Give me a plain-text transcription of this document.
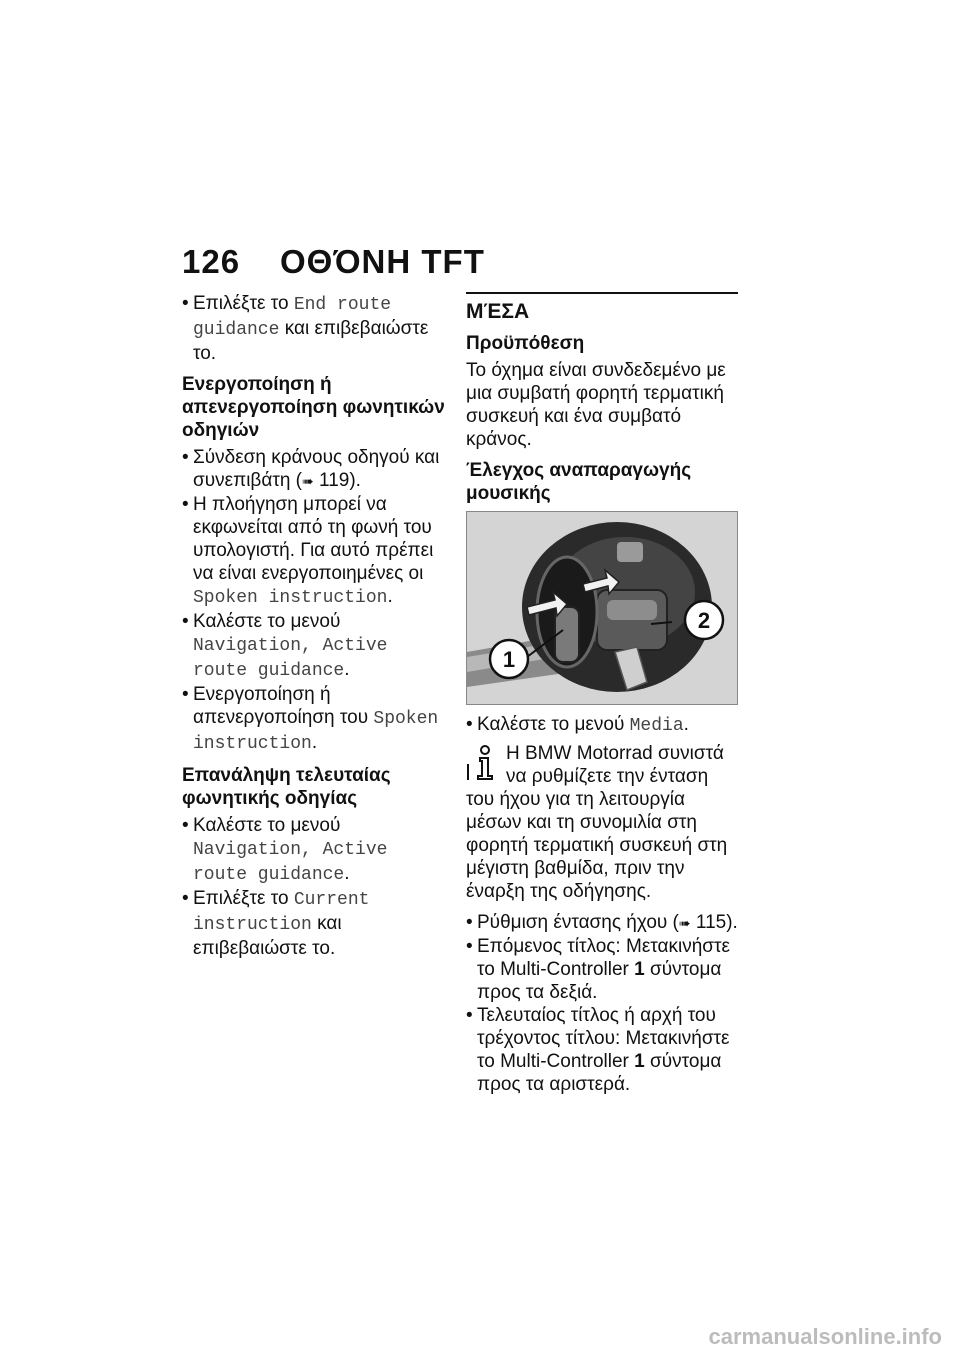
126 ΟΘΌΝΗ TFT
• Επιλέξτε το End route guidance και επιβεβαιώστε το.
Ενεργοποίηση ή απενεργοποίηση φωνητικών οδηγιών
• Σύνδεση κράνους οδηγού και συνεπιβάτη (➠ 119).
• Η πλοήγηση μπορεί να εκφωνείται από τη φωνή του υπολογιστή. Για αυτό πρέπει να είναι ενεργοποιημένες οι Spoken instruction.
• Καλέστε το μενού Navigation, Active route guidance.
• Ενεργοποίηση ή απενεργοποίηση του Spoken instruction.
Επανάληψη τελευταίας φωνητικής οδηγίας
• Καλέστε το μενού Navigation, Active route guidance.
• Επιλέξτε το Current instruction και επιβεβαιώστε το.
ΜΈΣΑ
Προϋπόθεση
Το όχημα είναι συνδεδεμένο με μια συμβατή φορητή τερματική συσκευή και ένα συμβατό κράνος.
Έλεγχος αναπαραγωγής μουσικής
1
2
• Καλέστε το μενού Media.
Η BMW Motorrad συνιστά να ρυθμίζετε την ένταση του ήχου για τη λειτουργία μέσων και τη συνομιλία στη φορητή τερματική συσκευή στη μέγιστη βαθμίδα, πριν την έναρξη της οδήγησης.
• Ρύθμιση έντασης ήχου (➠ 115).
• Επόμενος τίτλος: Μετακινήστε το Multi-Controller 1 σύντομα προς τα δεξιά.
• Τελευταίος τίτλος ή αρχή του τρέχοντος τίτλου: Μετακινήστε το Multi-Controller 1 σύντομα προς τα αριστερά.
carmanualsonline.info
